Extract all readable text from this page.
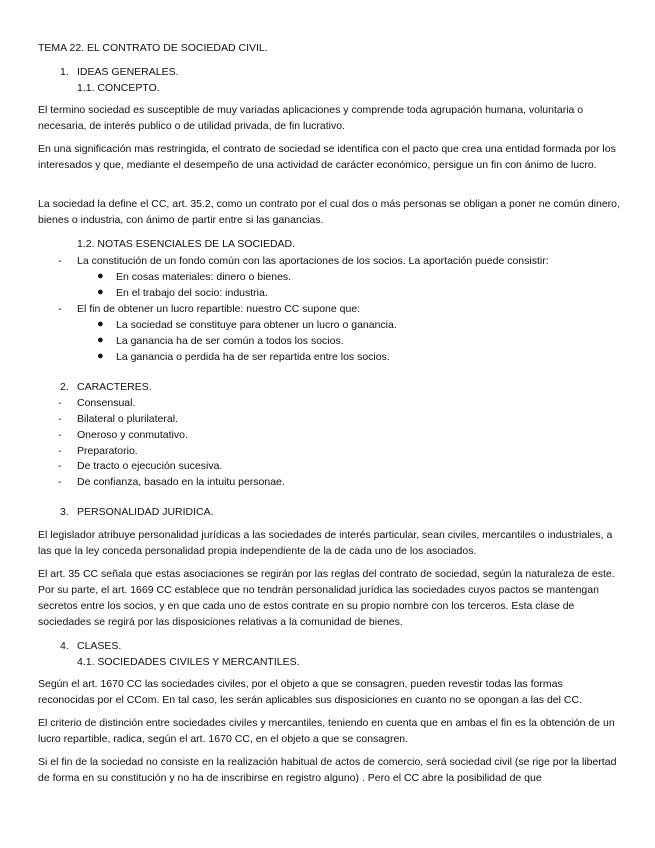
TEMA 22. EL CONTRATO DE SOCIEDAD CIVIL.
1. IDEAS GENERALES.
1.1. CONCEPTO.
El termino sociedad es susceptible de muy variadas aplicaciones y comprende toda agrupación humana, voluntaria o necesaria, de interés publico o de utilidad privada, de fin lucrativo.
En una significación mas restringida, el contrato de sociedad se identifica con el pacto que crea una entidad formada por los interesados y que, mediante el desempeño de una actividad de carácter económico, persigue un fin con ánimo de lucro.
La sociedad la define el CC, art. 35.2, como un contrato por el cual dos o más personas se obligan a poner ne común dinero, bienes o industria, con ánimo de partir entre si las ganancias.
1.2. NOTAS ESENCIALES DE LA SOCIEDAD.
- La constitución de un fondo común con las aportaciones de los socios. La aportación puede consistir:
● En cosas materiales: dinero o bienes.
● En el trabajo del socio: industria.
- El fin de obtener un lucro repartible: nuestro CC supone que:
● La sociedad se constituye para obtener un lucro o ganancia.
● La ganancia ha de ser común a todos los socios.
● La ganancia o perdida ha de ser repartida entre los socios.
2. CARACTERES.
- Consensual.
- Bilateral o plurilateral.
- Oneroso y conmutativo.
- Preparatorio.
- De tracto o ejecución sucesiva.
- De confianza, basado en la intuitu personae.
3. PERSONALIDAD JURIDICA.
El legislador atribuye personalidad jurídicas a las sociedades de interés particular, sean civiles, mercantiles o industriales, a las que la ley conceda personalidad propia independiente de la de cada uno de los asociados.
El art. 35 CC señala que estas asociaciones se regirán por las reglas del contrato de sociedad, según la naturaleza de este. Por su parte, el art. 1669 CC establece que no tendrán personalidad jurídica las sociedades cuyos pactos se mantengan secretos entre los socios, y en que cada uno de estos contrate en su propio nombre con los terceros. Esta clase de sociedades se regirá por las disposiciones relativas a la comunidad de bienes.
4. CLASES.
4.1. SOCIEDADES CIVILES Y MERCANTILES.
Según el art. 1670 CC las sociedades civiles, por el objeto a que se consagren, pueden revestir todas las formas reconocidas por el CCom. En tal caso, les serán aplicables sus disposiciones en cuanto no se opongan a las del CC.
El criterio de distinción entre sociedades civiles y mercantiles, teniendo en cuenta que en ambas el fin es la obtención de un lucro repartible, radica, según el art. 1670 CC, en el objeto a que se consagren.
Si el fin de la sociedad no consiste en la realización habitual de actos de comercio, será sociedad civil (se rige por la libertad de forma en su constitución y no ha de inscribirse en registro alguno) . Pero el CC abre la posibilidad de que
